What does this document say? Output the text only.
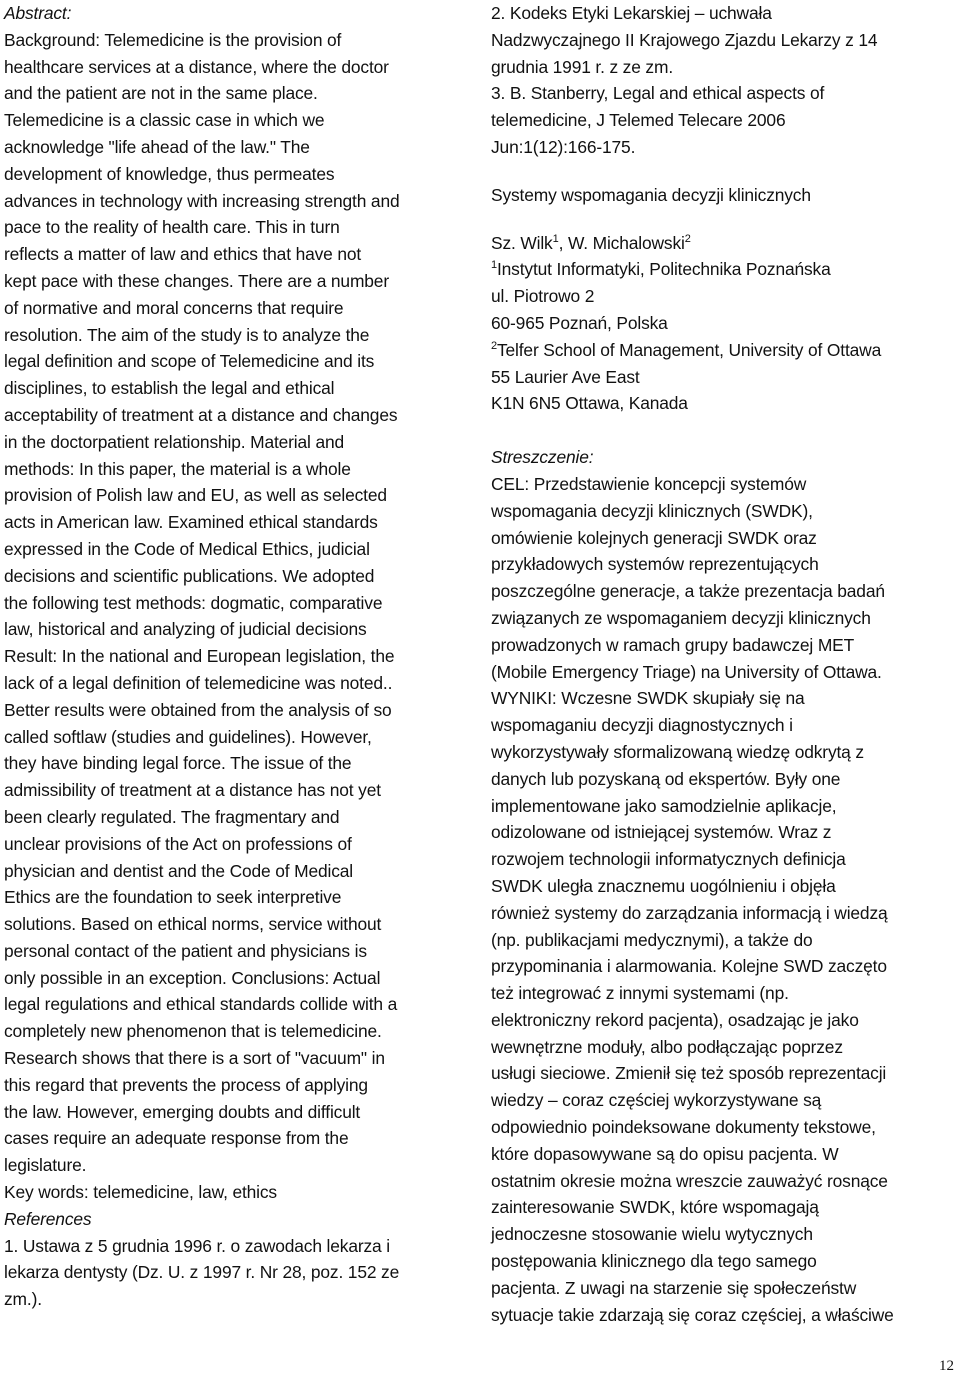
Abstract:
Background: Telemedicine is the provision of
healthcare services at a distance, where the doctor
and the patient are not in the same place.
Telemedicine is a classic case in which we
acknowledge "life ahead of the law." The
development of knowledge, thus permeates
advances in technology with increasing strength and
pace to the reality of health care. This in turn
reflects a matter of law and ethics that have not
kept pace with these changes. There are a number
of normative and moral concerns that require
resolution. The aim of the study is to analyze the
legal definition and scope of Telemedicine and its
disciplines, to establish the legal and ethical
acceptability of treatment at a distance and changes
in the doctorpatient relationship. Material and
methods: In this paper, the material is a whole
provision of Polish law and EU, as well as selected
acts in American law. Examined ethical standards
expressed in the Code of Medical Ethics, judicial
decisions and scientific publications. We adopted
the following test methods: dogmatic, comparative
law, historical and analyzing of judicial decisions
Result: In the national and European legislation, the
lack of a legal definition of telemedicine was noted..
Better results were obtained from the analysis of so
called softlaw (studies and guidelines). However,
they have binding legal force. The issue of the
admissibility of treatment at a distance has not yet
been clearly regulated. The fragmentary and
unclear provisions of the Act on professions of
physician and dentist and the Code of Medical
Ethics are the foundation to seek interpretive
solutions. Based on ethical norms, service without
personal contact of the patient and physicians is
only possible in an exception. Conclusions: Actual
legal regulations and ethical standards collide with a
completely new phenomenon that is telemedicine.
Research shows that there is a sort of "vacuum" in
this regard that prevents the process of applying
the law. However, emerging doubts and difficult
cases require an adequate response from the
legislature.
Key words: telemedicine, law, ethics
References
1. Ustawa z 5 grudnia 1996 r. o zawodach lekarza i
lekarza dentysty (Dz. U. z 1997 r. Nr 28, poz. 152 ze
zm.).
2. Kodeks Etyki Lekarskiej – uchwała
Nadzwyczajnego II Krajowego Zjazdu Lekarzy z 14
grudnia 1991 r. z ze zm.
3. B. Stanberry, Legal and ethical aspects of
telemedicine, J Telemed Telecare 2006
Jun:1(12):166-175.
Systemy wspomagania decyzji klinicznych
Sz. Wilk$^1$, W. Michalowski$^2$
$^1$Instytut Informatyki, Politechnika Poznańska
ul. Piotrowo 2
60-965 Poznań, Polska
$^2$Telfer School of Management, University of Ottawa
55 Laurier Ave East
K1N 6N5 Ottawa, Kanada
Streszczenie:
CEL: Przedstawienie koncepcji systemów
wspomagania decyzji klinicznych (SWDK),
omówienie kolejnych generacji SWDK oraz
przykładowych systemów reprezentujących
poszczególne generacje, a także prezentacja badań
związanych ze wspomaganiem decyzji klinicznych
prowadzonych w ramach grupy badawczej MET
(Mobile Emergency Triage) na University of Ottawa.
WYNIKI: Wczesne SWDK skupiały się na
wspomaganiu decyzji diagnostycznych i
wykorzystywały sformalizowaną wiedzę odkrytą z
danych lub pozyskaną od ekspertów. Były one
implementowane jako samodzielnie aplikacje,
odizolowane od istniejącej systemów. Wraz z
rozwojem technologii informatycznych definicja
SWDK uległa znacznemu uogólnieniu i objęła
również systemy do zarządzania informacją i wiedzą
(np. publikacjami medycznymi), a także do
przypominania i alarmowania. Kolejne SWD zaczęto
też integrować z innymi systemami (np.
elektroniczny rekord pacjenta), osadzając je jako
wewnętrzne moduły, albo podłączając poprzez
usługi sieciowe. Zmienił się też sposób reprezentacji
wiedzy – coraz częściej wykorzystywane są
odpowiednio poindeksowane dokumenty tekstowe,
które dopasowywane są do opisu pacjenta. W
ostatnim okresie można wreszcie zauważyć rosnące
zainteresowanie SWDK, które wspomagają
jednoczesne stosowanie wielu wytycznych
postępowania klinicznego dla tego samego
pacjenta. Z uwagi na starzenie się społeczeństw
sytuacje takie zdarzają się coraz częściej, a właściwe
12
